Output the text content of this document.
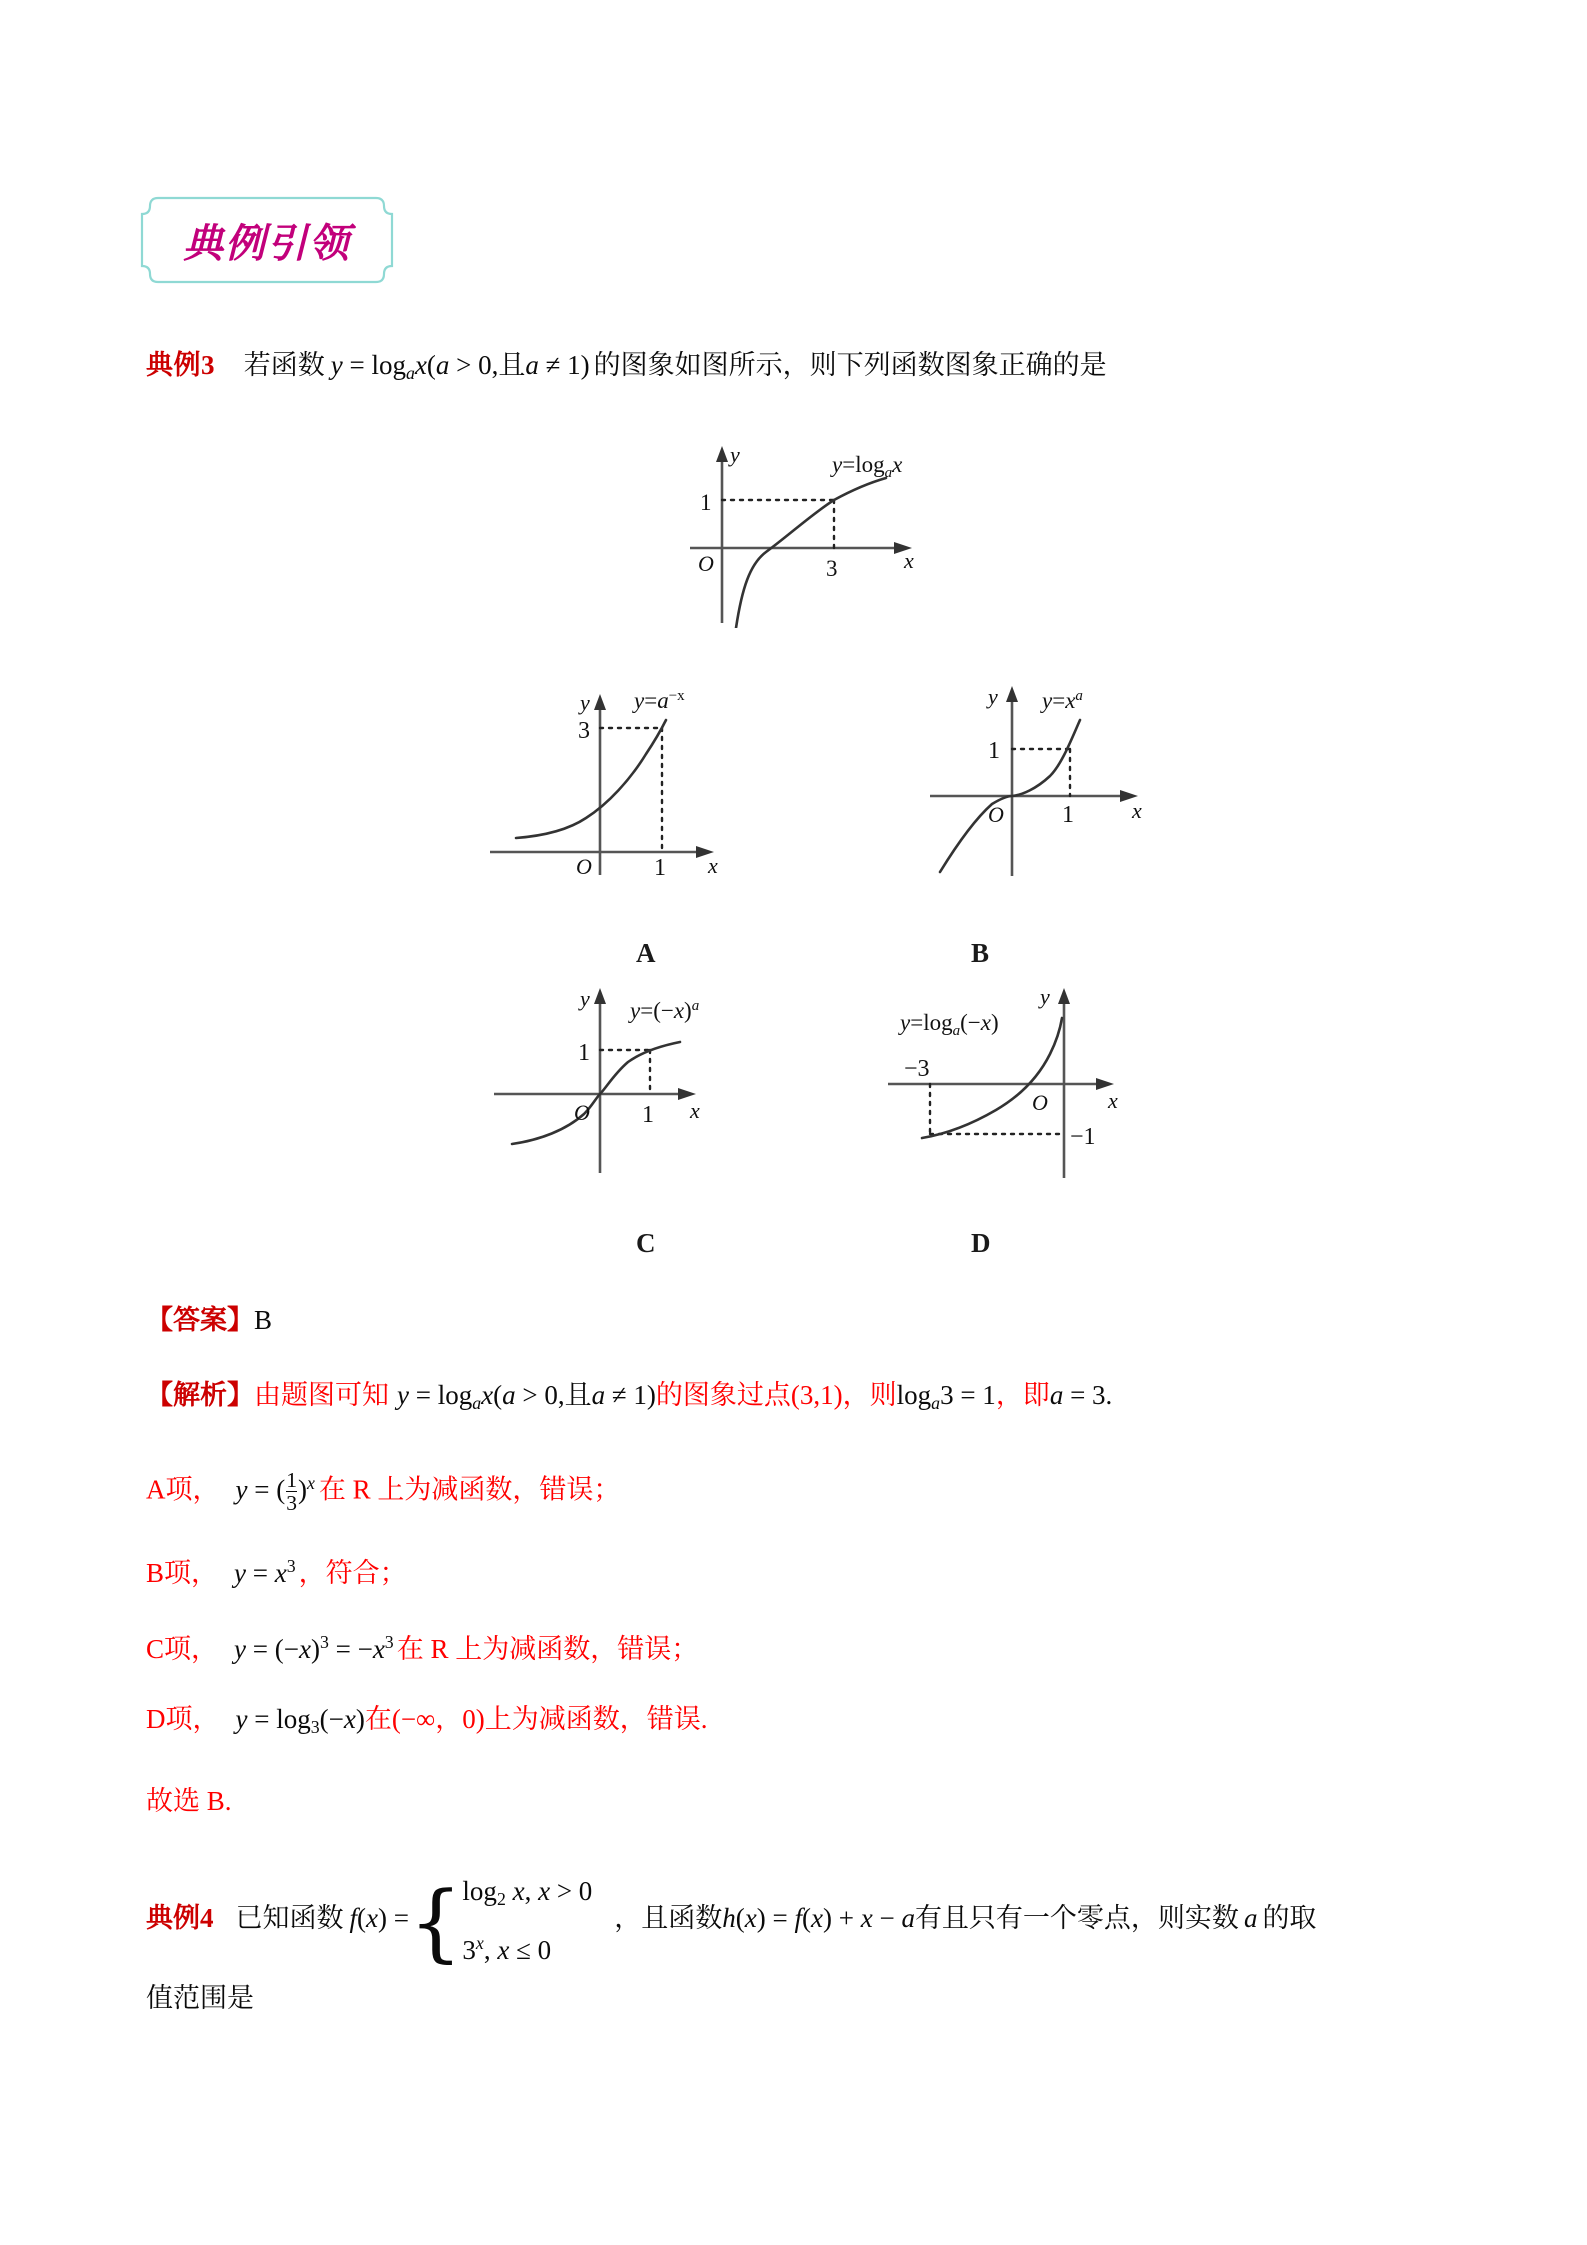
典例引领
典例3 若函数 y = logax(a > 0,且a ≠ 1) 的图象如图所示，则下列函数图象正确的是
y
x
O
1
3
$y=\log_ax$
y
x
O
3
1
$y=a^{-x}$	y
x
O
1
1
$y=x^a$
A	B
y
x
O
1
1
$y=(-x)^a$	y
x
O
−3
−1
$y=\log_a(-x)$
C	D
【答案】B
【解析】由题图可知 y = logax(a > 0,且a ≠ 1)的图象过点(3,1)，则loga3 = 1，即a = 3.
A项， y = ( $\frac{1}{3} )^x$ 在 R 上为减函数，错误；
B项， $y = x^3$ ，符合；
C项， $y = (-x)^3 = -x^3$ 在 R 上为减函数，错误；
D项， y = log3(−x)在(−∞，0)上为减函数，错误.
故选 B.
典例4 已知函数 f(x) ={ log2 x, x > 0
3$^x$, x ≤ 0
，且函数h(x) = f(x) + x − a有且只有一个零点，则实数 a 的取
值范围是
